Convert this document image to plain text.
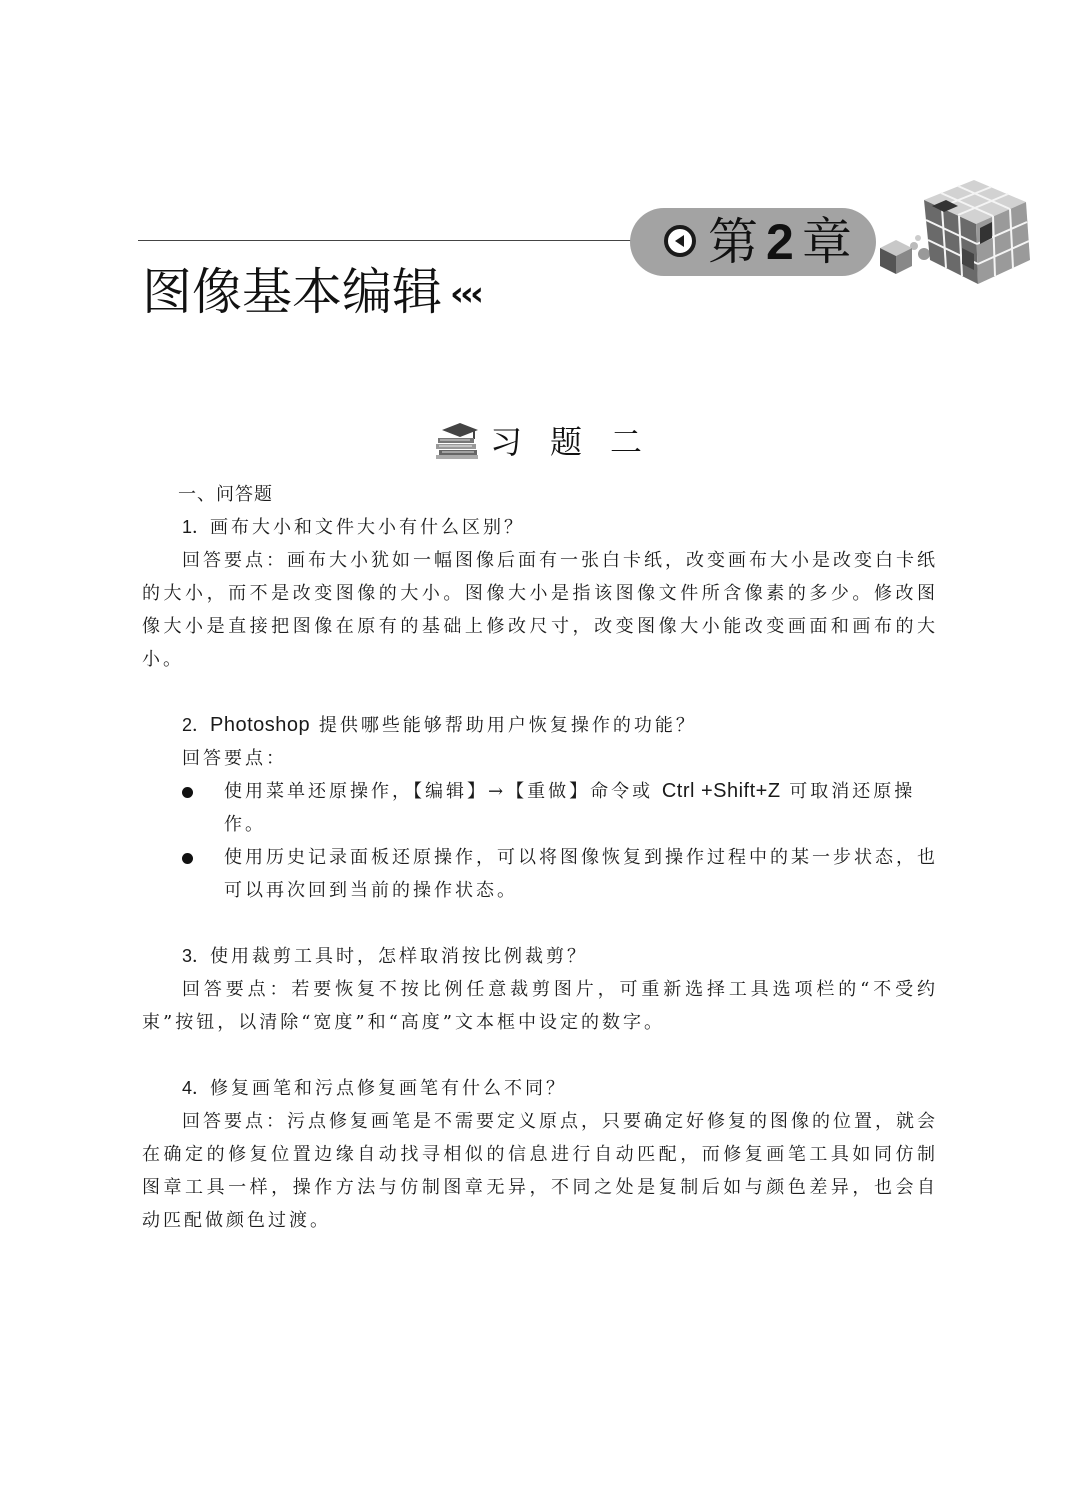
第 2 章
图像基本编辑 ‹‹‹
习题二

一、问答题

1．画布大小和文件大小有什么区别？

回答要点：画布大小犹如一幅图像后面有一张白卡纸，改变画布大小是改变白卡纸的大小，而不是改变图像的大小。图像大小是指该图像文件所含像素的多少。修改图像大小是直接把图像在原有的基础上修改尺寸，改变图像大小能改变画面和画布的大小。

2．Photoshop 提供哪些能够帮助用户恢复操作的功能？

回答要点：

使用菜单还原操作，【编辑】→【重做】命令或 Ctrl +Shift+Z 可取消还原操作。
使用历史记录面板还原操作，可以将图像恢复到操作过程中的某一步状态，也可以再次回到当前的操作状态。

3．使用裁剪工具时，怎样取消按比例裁剪？

回答要点：若要恢复不按比例任意裁剪图片，可重新选择工具选项栏的“不受约束”按钮，以清除“宽度”和“高度”文本框中设定的数字。

4．修复画笔和污点修复画笔有什么不同？

回答要点：污点修复画笔是不需要定义原点，只要确定好修复的图像的位置，就会在确定的修复位置边缘自动找寻相似的信息进行自动匹配，而修复画笔工具如同仿制图章工具一样，操作方法与仿制图章无异，不同之处是复制后如与颜色差异，也会自动匹配做颜色过渡。
